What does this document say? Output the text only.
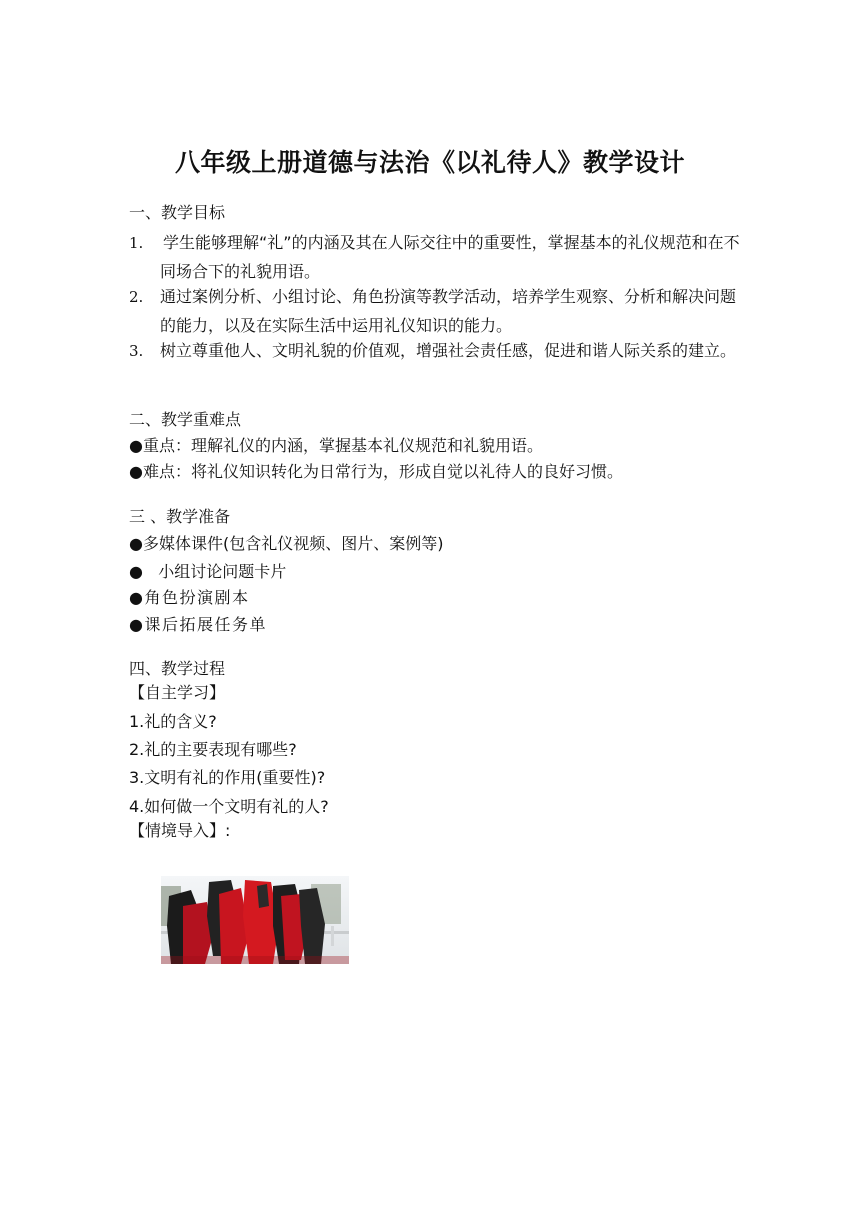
八年级上册道德与法治《以礼待人》教学设计
一、教学目标
1. 学生能够理解“礼”的内涵及其在人际交往中的重要性，掌握基本的礼仪规范和在不同场合下的礼貌用语。
2. 通过案例分析、小组讨论、角色扮演等教学活动，培养学生观察、分析和解决问题的能力，以及在实际生活中运用礼仪知识的能力。
3. 树立尊重他人、文明礼貌的价值观，增强社会责任感，促进和谐人际关系的建立。
二、教学重难点
●重点：理解礼仪的内涵，掌握基本礼仪规范和礼貌用语。
●难点：将礼仪知识转化为日常行为，形成自觉以礼待人的良好习惯。
三 、教学准备
●多媒体课件(包含礼仪视频、图片、案例等)
●   小组讨论问题卡片
●角色扮演剧本
●课后拓展任务单
四、教学过程
【自主学习】
1.礼的含义?
2.礼的主要表现有哪些?
3.文明有礼的作用(重要性)?
4.如何做一个文明有礼的人?
【情境导入】:
